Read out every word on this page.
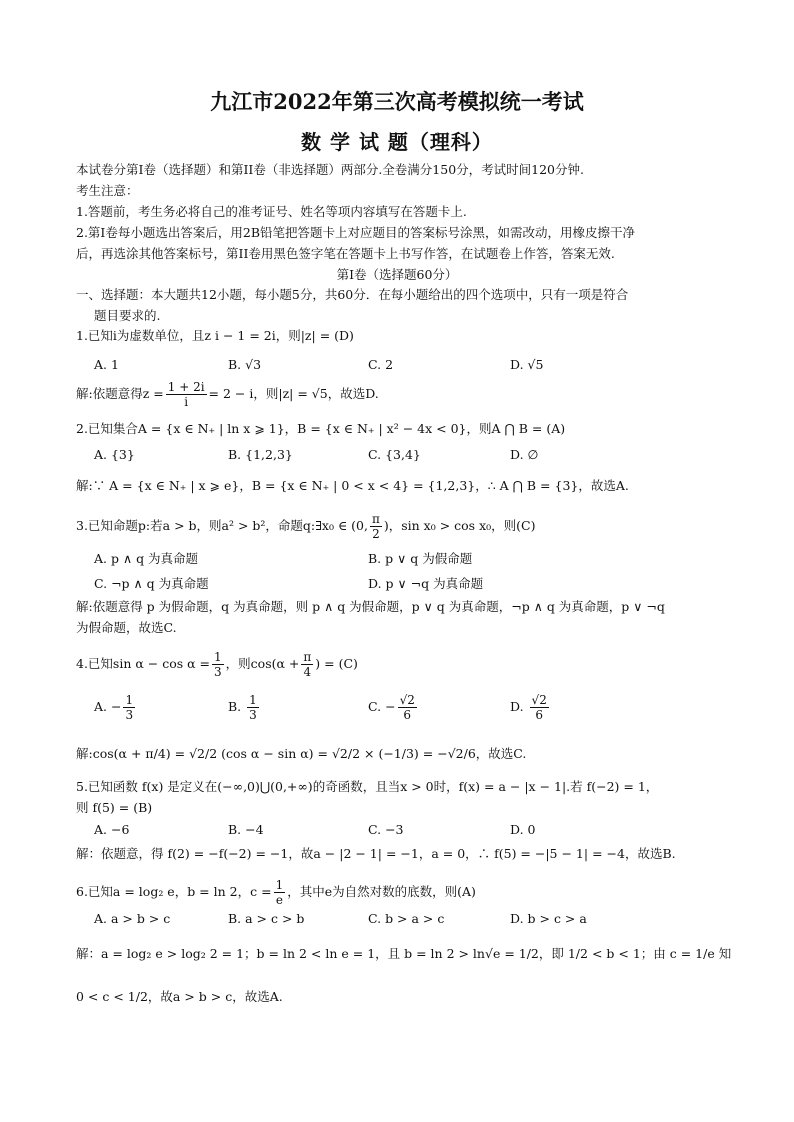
九江市2022年第三次高考模拟统一考试
数 学 试 题（理科）
本试卷分第Ⅰ卷（选择题）和第II卷（非选择题）两部分.全卷满分150分，考试时间120分钟.
考生注意：
1.答题前，考生务必将自己的准考证号、姓名等项内容填写在答题卡上.
2.第Ⅰ卷每小题选出答案后，用2B铅笔把答题卡上对应题目的答案标号涂黑，如需改动，用橡皮擦干净
后，再选涂其他答案标号，第II卷用黑色签字笔在答题卡上书写作答，在试题卷上作答，答案无效.
第Ⅰ卷（选择题60分）
一、选择题：本大题共12小题，每小题5分，共60分．在每小题给出的四个选项中，只有一项是符合
题目要求的.
1.已知i为虚数单位，且z i − 1 = 2i，则|z| = (D)
A. 1	B. √3	C. 2	D. √5
解:依题意得$z = \frac{1 + 2i}{i} = 2 - i$，则|z| = √5，故选D.
2.已知集合A = {x ∈ N₊ | ln x ⩾ 1}，B = {x ∈ N₊ | x² − 4x < 0}，则A ⋂ B = (A)
A. {3}	B. {1,2,3}	C. {3,4}	D. ∅
解:∵ A = {x ∈ N₊ | x ⩾ e}，B = {x ∈ N₊ | 0 < x < 4} = {1,2,3}，∴ A ⋂ B = {3}，故选A.
3.已知命题p:若a > b，则a² > b²，命题q:∃x₀ ∈ (0, $\frac{\pi}{2}$ )，sin x₀ > cos x₀，则(C)
A. p ∧ q 为真命题	B. p ∨ q 为假命题
C. ¬p ∧ q 为真命题	D. p ∨ ¬q 为真命题
解:依题意得 p 为假命题，q 为真命题，则 p ∧ q 为假命题，p ∨ q 为真命题，¬p ∧ q 为真命题，p ∨ ¬q
为假命题，故选C.
4.已知$\sin \alpha - \cos \alpha = \frac{1}{3}$ ，则$\cos(\alpha + \frac{\pi}{4}$ ) = (C)
A. − $\frac{1}{3}$	B. $\frac{1}{3}$	C. − $\frac{√2}{6}$	D. $\frac{√2}{6}$
解:cos(α + π/4) = √2/2 (cos α − sin α) = √2/2 × (−1/3) = −√2/6，故选C.
5.已知函数 f(x) 是定义在(−∞,0)⋃(0,+∞)的奇函数，且当x > 0时，f(x) = a − |x − 1|.若 f(−2) = 1，
则 f(5) = (B)
A. −6	B. −4	C. −3	D. 0
解：依题意，得 f(2) = −f(−2) = −1，故a − |2 − 1| = −1，a = 0，∴ f(5) = −|5 − 1| = −4，故选B.
6.已知a = log₂ e，b = ln 2，$c = \frac{1}{e}$ ，其中e为自然对数的底数，则(A)
A. a > b > c	B. a > c > b	C. b > a > c	D. b > c > a
解：a = log₂ e > log₂ 2 = 1；b = ln 2 < ln e = 1，且 b = ln 2 > ln√e = 1/2，即 1/2 < b < 1；由 c = 1/e 知
0 < c < 1/2，故a > b > c，故选A.
